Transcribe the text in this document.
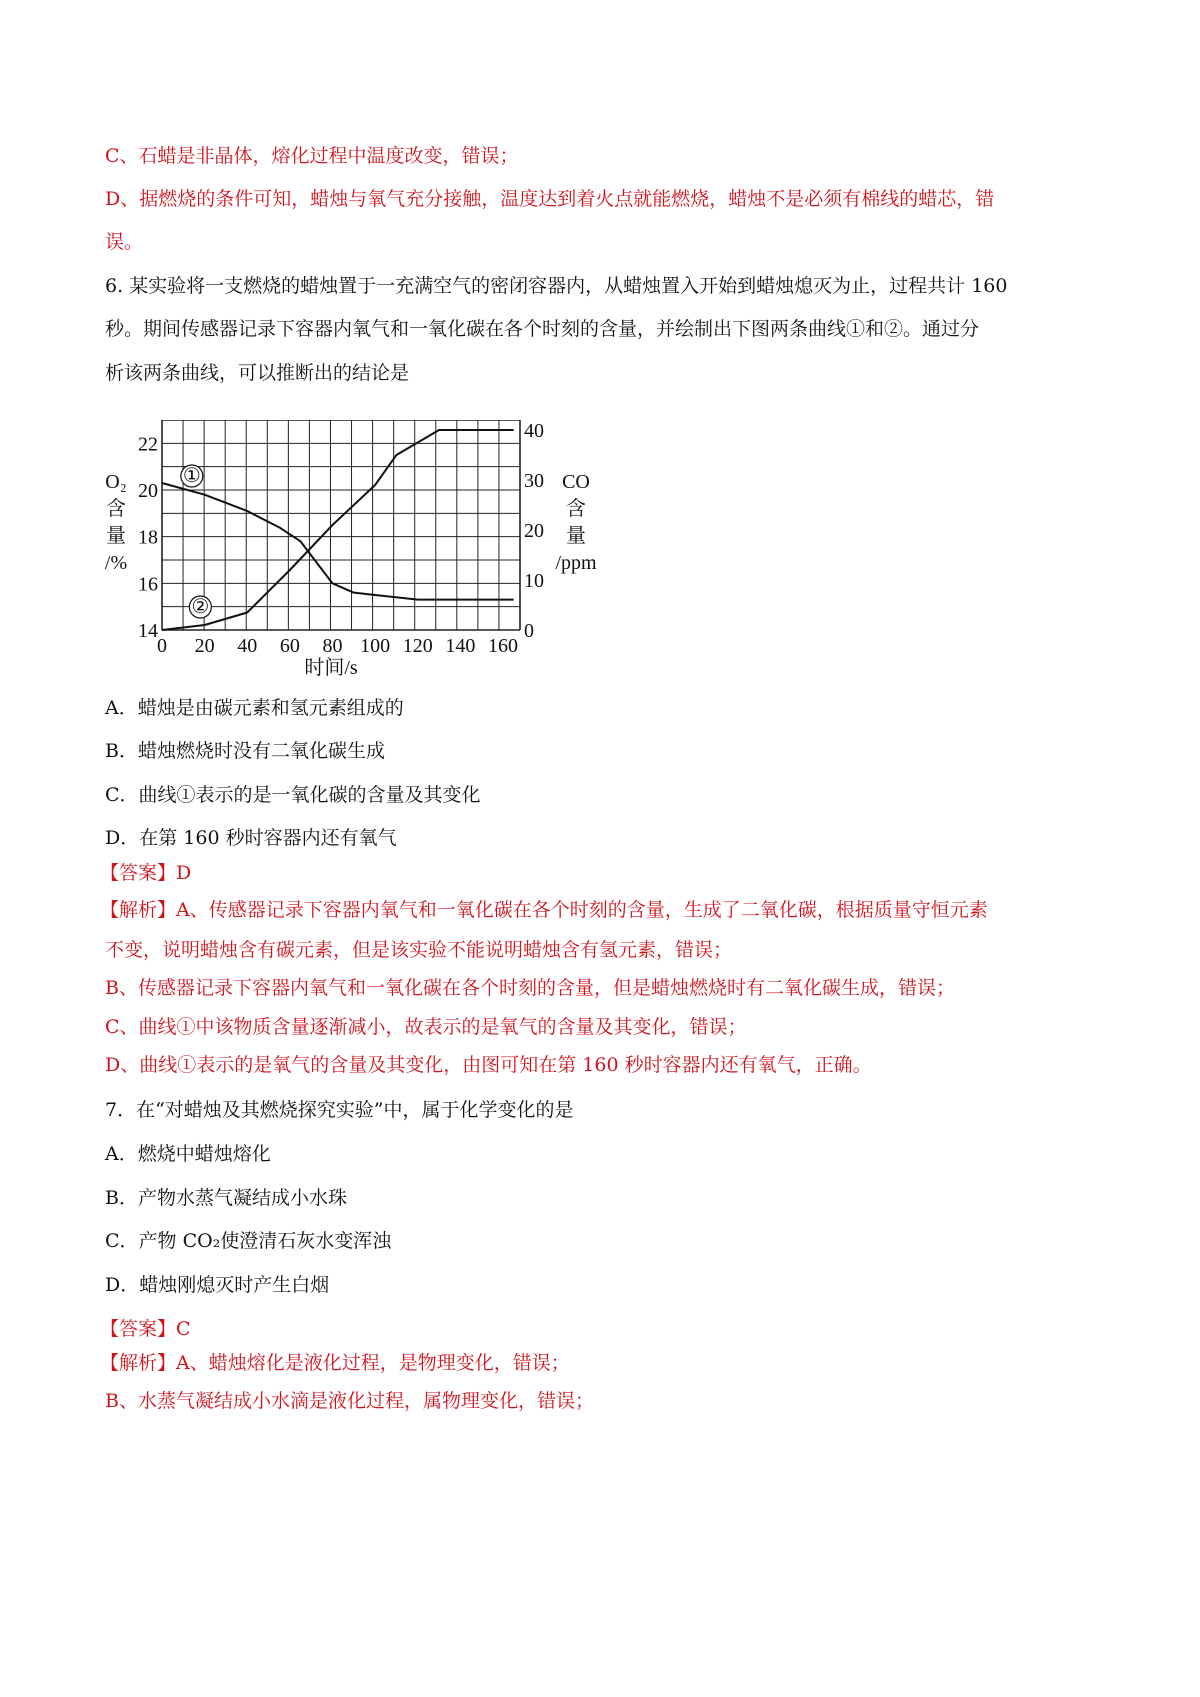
C、石蜡是非晶体，熔化过程中温度改变，错误；
D、据燃烧的条件可知，蜡烛与氧气充分接触，温度达到着火点就能燃烧，蜡烛不是必须有棉线的蜡芯，错
误。
6. 某实验将一支燃烧的蜡烛置于一充满空气的密闭容器内，从蜡烛置入开始到蜡烛熄灭为止，过程共计 160
秒。期间传感器记录下容器内氧气和一氧化碳在各个时刻的含量，并绘制出下图两条曲线①和②。通过分
析该两条曲线，可以推断出的结论是
14
16
18
20
22
0
10
20
30
40
0 20 40 60 80 100 120 140 160
时间/s
O₂
含
量
/%
CO
含
量
/ppm
①
②
A．蜡烛是由碳元素和氢元素组成的
B．蜡烛燃烧时没有二氧化碳生成
C．曲线①表示的是一氧化碳的含量及其变化
D．在第 160 秒时容器内还有氧气
【答案】D
【解析】A、传感器记录下容器内氧气和一氧化碳在各个时刻的含量，生成了二氧化碳，根据质量守恒元素
不变，说明蜡烛含有碳元素，但是该实验不能说明蜡烛含有氢元素，错误；
B、传感器记录下容器内氧气和一氧化碳在各个时刻的含量，但是蜡烛燃烧时有二氧化碳生成，错误；
C、曲线①中该物质含量逐渐减小，故表示的是氧气的含量及其变化，错误；
D、曲线①表示的是氧气的含量及其变化，由图可知在第 160 秒时容器内还有氧气，正确。
7．在“对蜡烛及其燃烧探究实验”中，属于化学变化的是
A．燃烧中蜡烛熔化
B．产物水蒸气凝结成小水珠
C．产物 CO₂使澄清石灰水变浑浊
D．蜡烛刚熄灭时产生白烟
【答案】C
【解析】A、蜡烛熔化是液化过程，是物理变化，错误；
B、水蒸气凝结成小水滴是液化过程，属物理变化，错误；
